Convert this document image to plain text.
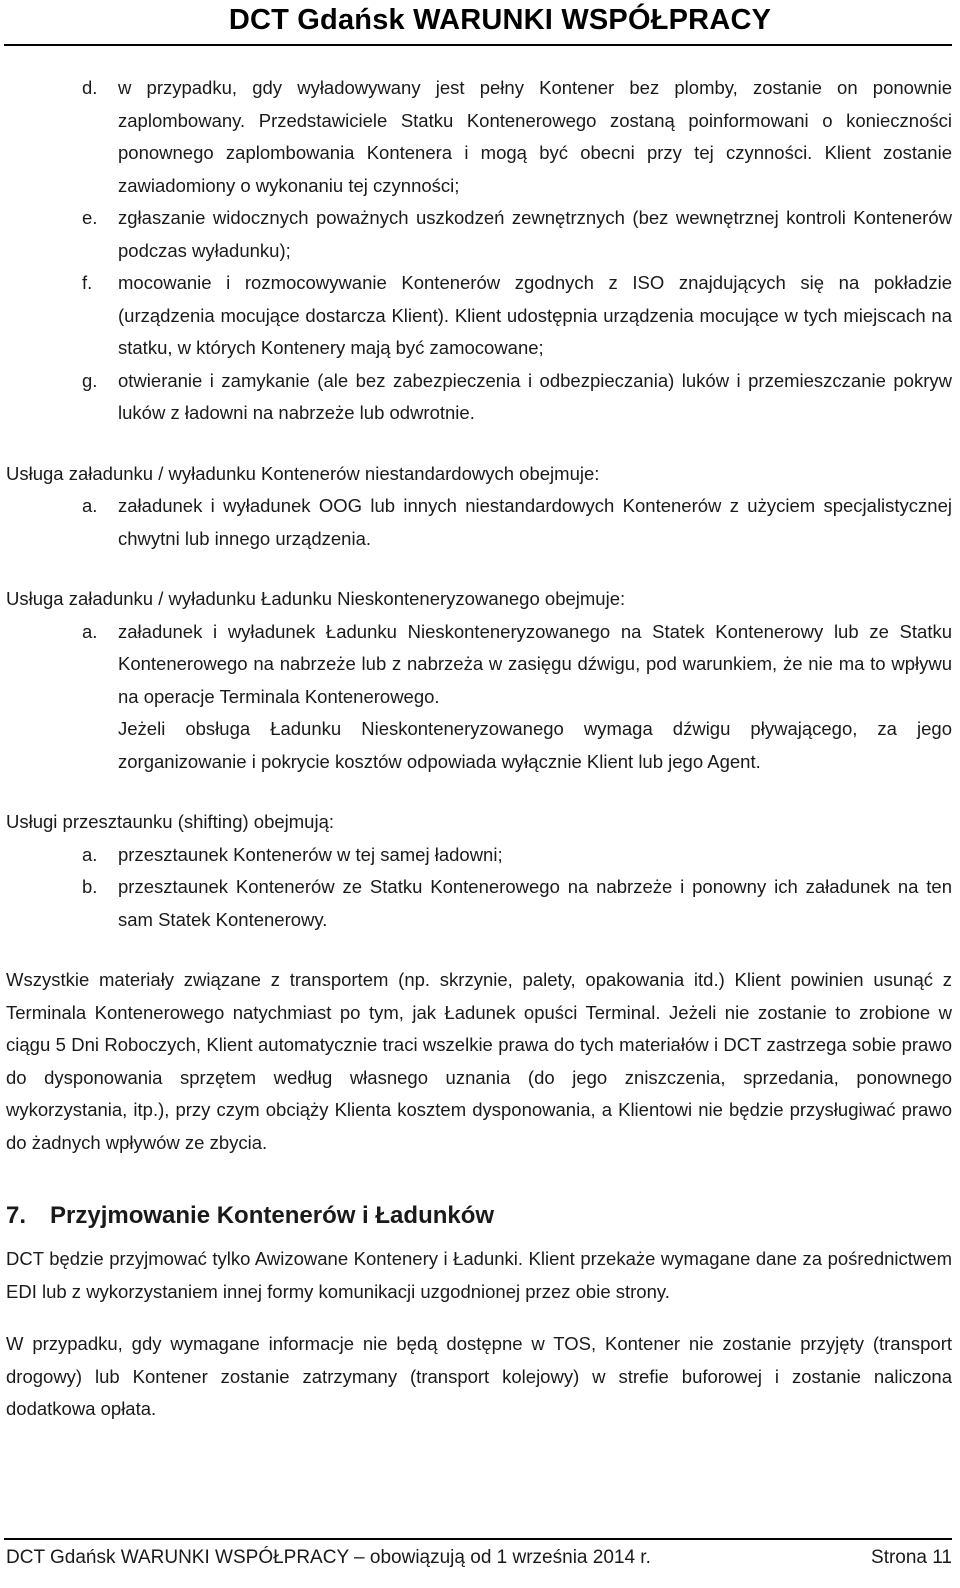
DCT Gdańsk WARUNKI WSPÓŁPRACY
d.	w przypadku, gdy wyładowywany jest pełny Kontener bez plomby, zostanie on ponownie zaplombowany. Przedstawiciele Statku Kontenerowego zostaną poinformowani o konieczności ponownego zaplombowania Kontenera i mogą być obecni przy tej czynności. Klient zostanie zawiadomiony o wykonaniu tej czynności;
e.	zgłaszanie widocznych poważnych uszkodzeń zewnętrznych (bez wewnętrznej kontroli Kontenerów podczas wyładunku);
f.	mocowanie i rozmocowywanie Kontenerów zgodnych z ISO znajdujących się na pokładzie (urządzenia mocujące dostarcza Klient). Klient udostępnia urządzenia mocujące w tych miejscach na statku, w których Kontenery mają być zamocowane;
g.	otwieranie i zamykanie (ale bez zabezpieczenia i odbezpieczania) luków i przemieszczanie pokryw luków z ładowni na nabrzeże lub odwrotnie.
Usługa załadunku / wyładunku Kontenerów niestandardowych obejmuje:
a.	załadunek i wyładunek OOG lub innych niestandardowych Kontenerów z użyciem specjalistycznej chwytni lub innego urządzenia.
Usługa załadunku / wyładunku Ładunku Nieskonteneryzowanego obejmuje:
a.	załadunek i wyładunek Ładunku Nieskonteneryzowanego na Statek Kontenerowy lub ze Statku Kontenerowego na nabrzeże lub z nabrzeża w zasięgu dźwigu, pod warunkiem, że nie ma to wpływu na operacje Terminala Kontenerowego.
Jeżeli obsługa Ładunku Nieskonteneryzowanego wymaga dźwigu pływającego, za jego zorganizowanie i pokrycie kosztów odpowiada wyłącznie Klient lub jego Agent.
Usługi przesztaunku (shifting) obejmują:
a.	przesztaunek Kontenerów w tej samej ładowni;
b.	przesztaunek Kontenerów ze Statku Kontenerowego na nabrzeże i ponowny ich załadunek na ten sam Statek Kontenerowy.
Wszystkie materiały związane z transportem (np. skrzynie, palety, opakowania itd.) Klient powinien usunąć z Terminala Kontenerowego natychmiast po tym, jak Ładunek opuści Terminal. Jeżeli nie zostanie to zrobione w ciągu 5 Dni Roboczych, Klient automatycznie traci wszelkie prawa do tych materiałów i DCT zastrzega sobie prawo do dysponowania sprzętem według własnego uznania (do jego zniszczenia, sprzedania, ponownego wykorzystania, itp.), przy czym obciąży Klienta kosztem dysponowania, a Klientowi nie będzie przysługiwać prawo do żadnych wpływów ze zbycia.
7. Przyjmowanie Kontenerów i Ładunków
DCT będzie przyjmować tylko Awizowane Kontenery i Ładunki. Klient przekaże wymagane dane za pośrednictwem EDI lub z wykorzystaniem innej formy komunikacji uzgodnionej przez obie strony.
W przypadku, gdy wymagane informacje nie będą dostępne w TOS, Kontener nie zostanie przyjęty (transport drogowy) lub Kontener zostanie zatrzymany (transport kolejowy) w strefie buforowej i zostanie naliczona dodatkowa opłata.
DCT Gdańsk WARUNKI WSPÓŁPRACY – obowiązują od 1 września 2014 r.	Strona 11
